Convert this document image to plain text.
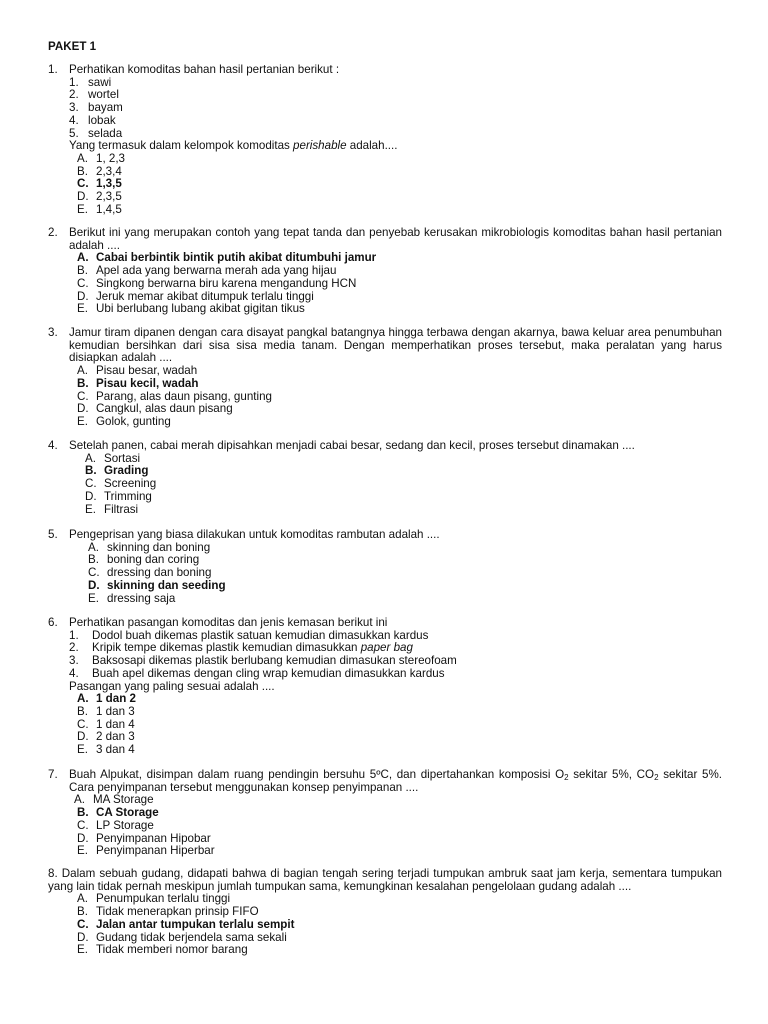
PAKET 1
1. Perhatikan komoditas bahan hasil pertanian berikut :
1. sawi
2. wortel
3. bayam
4. lobak
5. selada
Yang termasuk dalam kelompok komoditas perishable adalah....
A. 1, 2,3
B. 2,3,4
C. 1,3,5
D. 2,3,5
E. 1,4,5
2. Berikut ini yang merupakan contoh yang tepat tanda dan penyebab kerusakan mikrobiologis komoditas bahan hasil pertanian adalah ....
A. Cabai berbintik bintik putih akibat ditumbuhi jamur
B. Apel ada yang berwarna merah ada yang hijau
C. Singkong berwarna biru karena mengandung HCN
D. Jeruk memar akibat ditumpuk terlalu tinggi
E. Ubi berlubang lubang akibat gigitan tikus
3. Jamur tiram dipanen dengan cara disayat pangkal batangnya hingga terbawa dengan akarnya, bawa keluar area penumbuhan kemudian bersihkan dari sisa sisa media tanam. Dengan memperhatikan proses tersebut, maka peralatan yang harus disiapkan adalah ....
A. Pisau besar, wadah
B. Pisau kecil, wadah
C. Parang, alas daun pisang, gunting
D. Cangkul, alas daun pisang
E. Golok, gunting
4. Setelah panen, cabai merah dipisahkan menjadi cabai besar, sedang dan kecil, proses tersebut dinamakan ....
A. Sortasi
B. Grading
C. Screening
D. Trimming
E. Filtrasi
5. Pengeprisan yang biasa dilakukan untuk komoditas rambutan adalah ....
A. skinning dan boning
B. boning dan coring
C. dressing dan boning
D. skinning dan seeding
E. dressing saja
6. Perhatikan pasangan komoditas dan jenis kemasan berikut ini
1. Dodol buah dikemas plastik satuan kemudian dimasukkan kardus
2. Kripik tempe dikemas plastik kemudian dimasukkan paper bag
3. Baksosapi dikemas plastik berlubang kemudian dimasukan stereofoam
4. Buah apel dikemas dengan cling wrap kemudian dimasukkan kardus
Pasangan yang paling sesuai adalah ....
A. 1 dan 2
B. 1 dan 3
C. 1 dan 4
D. 2 dan 3
E. 3 dan 4
7. Buah Alpukat, disimpan dalam ruang pendingin bersuhu 5ºC, dan dipertahankan komposisi $O_2$ sekitar 5%, $CO_2$ sekitar 5%. Cara penyimpanan tersebut menggunakan konsep penyimpanan ....
A. MA Storage
B. CA Storage
C. LP Storage
D. Penyimpanan Hipobar
E. Penyimpanan Hiperbar
8. Dalam sebuah gudang, didapati bahwa di bagian tengah sering terjadi tumpukan ambruk saat jam kerja, sementara tumpukan yang lain tidak pernah meskipun jumlah tumpukan sama, kemungkinan kesalahan pengelolaan gudang adalah ....
A. Penumpukan terlalu tinggi
B. Tidak menerapkan prinsip FIFO
C. Jalan antar tumpukan terlalu sempit
D. Gudang tidak berjendela sama sekali
E. Tidak memberi nomor barang
